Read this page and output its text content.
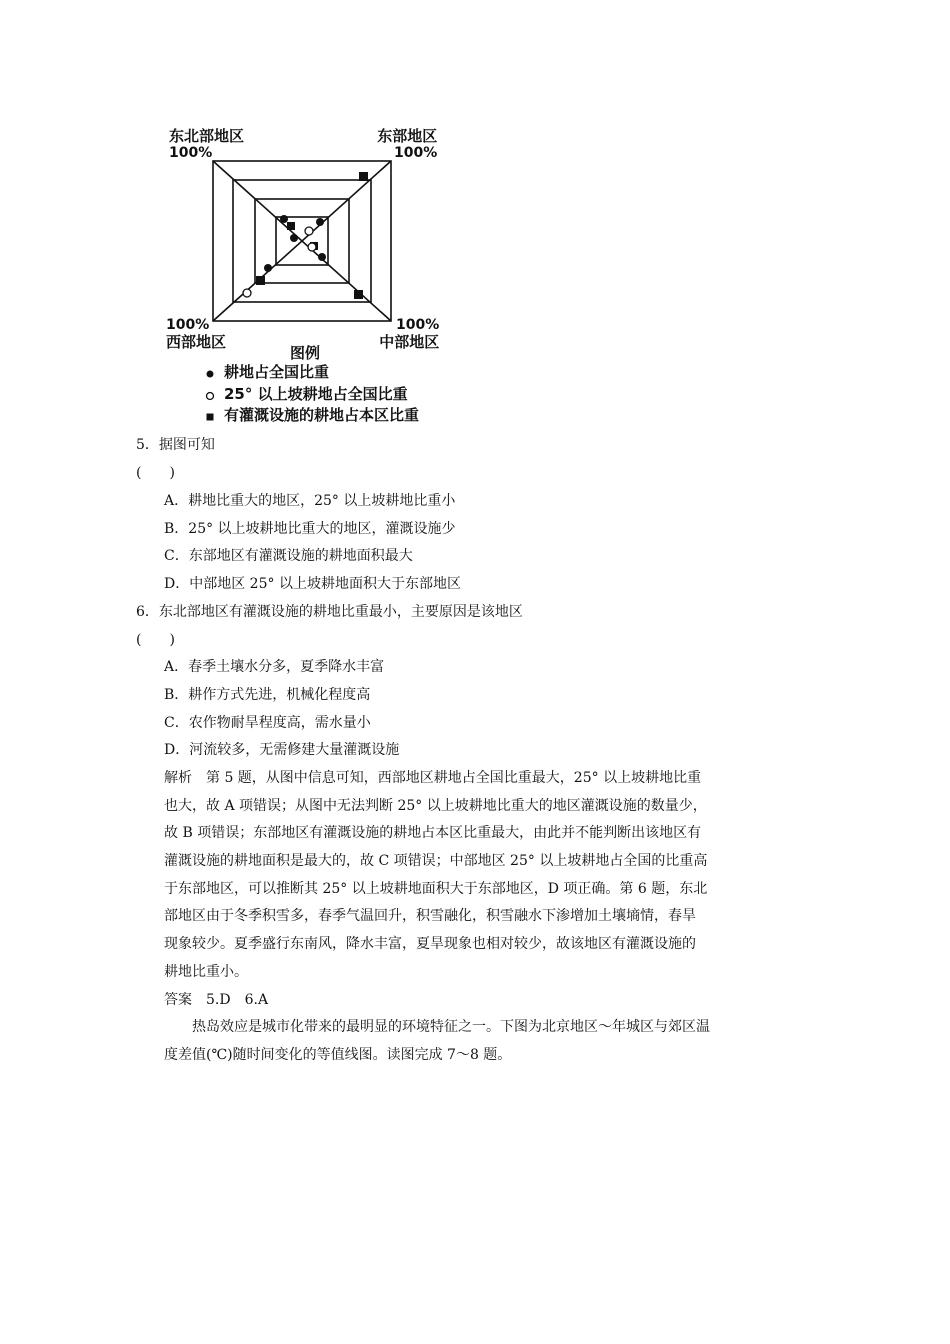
东北部地区
100%
东部地区
100%
100%
西部地区
100%
中部地区
图例
耕地占全国比重
25° 以上坡耕地占全国比重
有灌溉设施的耕地占本区比重
5．据图可知
(　　)
A．耕地比重大的地区，25° 以上坡耕地比重小
B．25° 以上坡耕地比重大的地区，灌溉设施少
C．东部地区有灌溉设施的耕地面积最大
D．中部地区 25° 以上坡耕地面积大于东部地区
6．东北部地区有灌溉设施的耕地比重最小，主要原因是该地区
(　　)
A．春季土壤水分多，夏季降水丰富
B．耕作方式先进，机械化程度高
C．农作物耐旱程度高，需水量小
D．河流较多，无需修建大量灌溉设施
解析　第 5 题，从图中信息可知，西部地区耕地占全国比重最大，25° 以上坡耕地比重
也大，故 A 项错误；从图中无法判断 25° 以上坡耕地比重大的地区灌溉设施的数量少，
故 B 项错误；东部地区有灌溉设施的耕地占本区比重最大，由此并不能判断出该地区有
灌溉设施的耕地面积是最大的，故 C 项错误；中部地区 25° 以上坡耕地占全国的比重高
于东部地区，可以推断其 25° 以上坡耕地面积大于东部地区，D 项正确。第 6 题，东北
部地区由于冬季积雪多，春季气温回升，积雪融化，积雪融水下渗增加土壤墒情，春旱
现象较少。夏季盛行东南风，降水丰富，夏旱现象也相对较少，故该地区有灌溉设施的
耕地比重小。
答案　5.D　6.A
　　热岛效应是城市化带来的最明显的环境特征之一。下图为北京地区～年城区与郊区温
度差值(℃)随时间变化的等值线图。读图完成 7～8 题。
